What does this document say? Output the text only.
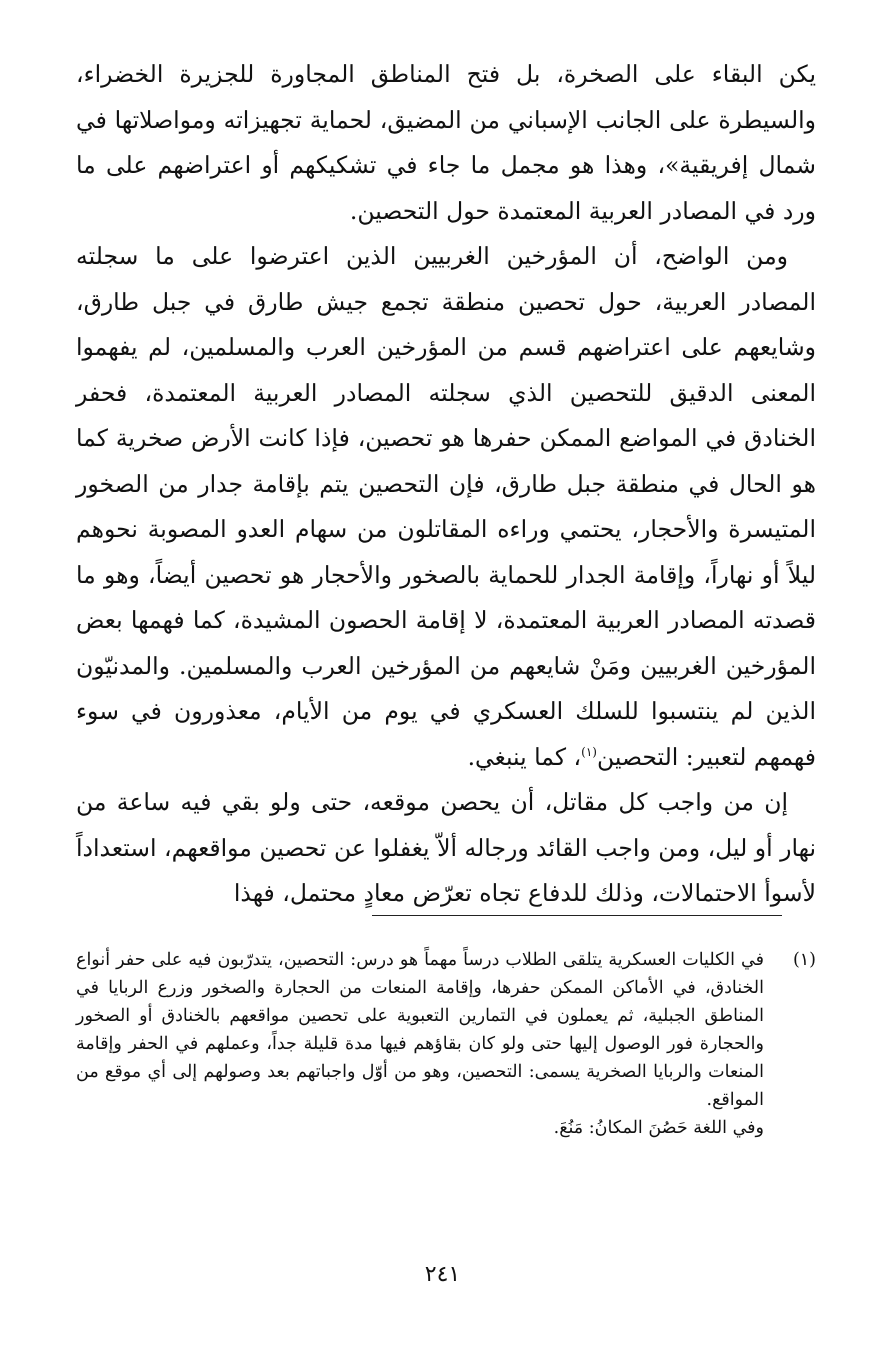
يكن البقاء على الصخرة، بل فتح المناطق المجاورة للجزيرة الخضراء، والسيطرة على الجانب الإسباني من المضيق، لحماية تجهيزاته ومواصلاتها في شمال إفريقية»، وهذا هو مجمل ما جاء في تشكيكهم أو اعتراضهم على ما ورد في المصادر العربية المعتمدة حول التحصين.

ومن الواضح، أن المؤرخين الغربيين الذين اعترضوا على ما سجلته المصادر العربية، حول تحصين منطقة تجمع جيش طارق في جبل طارق، وشايعهم على اعتراضهم قسم من المؤرخين العرب والمسلمين، لم يفهموا المعنى الدقيق للتحصين الذي سجلته المصادر العربية المعتمدة، فحفر الخنادق في المواضع الممكن حفرها هو تحصين، فإذا كانت الأرض صخرية كما هو الحال في منطقة جبل طارق، فإن التحصين يتم بإقامة جدار من الصخور المتيسرة والأحجار، يحتمي وراءه المقاتلون من سهام العدو المصوبة نحوهم ليلاً أو نهاراً، وإقامة الجدار للحماية بالصخور والأحجار هو تحصين أيضاً، وهو ما قصدته المصادر العربية المعتمدة، لا إقامة الحصون المشيدة، كما فهمها بعض المؤرخين الغربيين ومَنْ شايعهم من المؤرخين العرب والمسلمين. والمدنيّون الذين لم ينتسبوا للسلك العسكري في يوم من الأيام، معذورون في سوء فهمهم لتعبير: التحصين$^{(١)}$، كما ينبغي.

إن من واجب كل مقاتل، أن يحصن موقعه، حتى ولو بقي فيه ساعة من نهار أو ليل، ومن واجب القائد ورجاله ألاّ يغفلوا عن تحصين مواقعهم، استعداداً لأسوأ الاحتمالات، وذلك للدفاع تجاه تعرّض معادٍ محتمل، فهذا

(١)

في الكليات العسكرية يتلقى الطلاب درساً مهماً هو درس: التحصين، يتدرّبون فيه على حفر أنواع الخنادق، في الأماكن الممكن حفرها، وإقامة المنعات من الحجارة والصخور وزرع الربايا في المناطق الجبلية، ثم يعملون في التمارين التعبوية على تحصين مواقعهم بالخنادق أو الصخور والحجارة فور الوصول إليها حتى ولو كان بقاؤهم فيها مدة قليلة جداً، وعملهم في الحفر وإقامة المنعات والربايا الصخرية يسمى: التحصين، وهو من أوّل واجباتهم بعد وصولهم إلى أي موقع من المواقع.

وفي اللغة حَصُنَ المكانُ: مَنُعَ.

٢٤١
